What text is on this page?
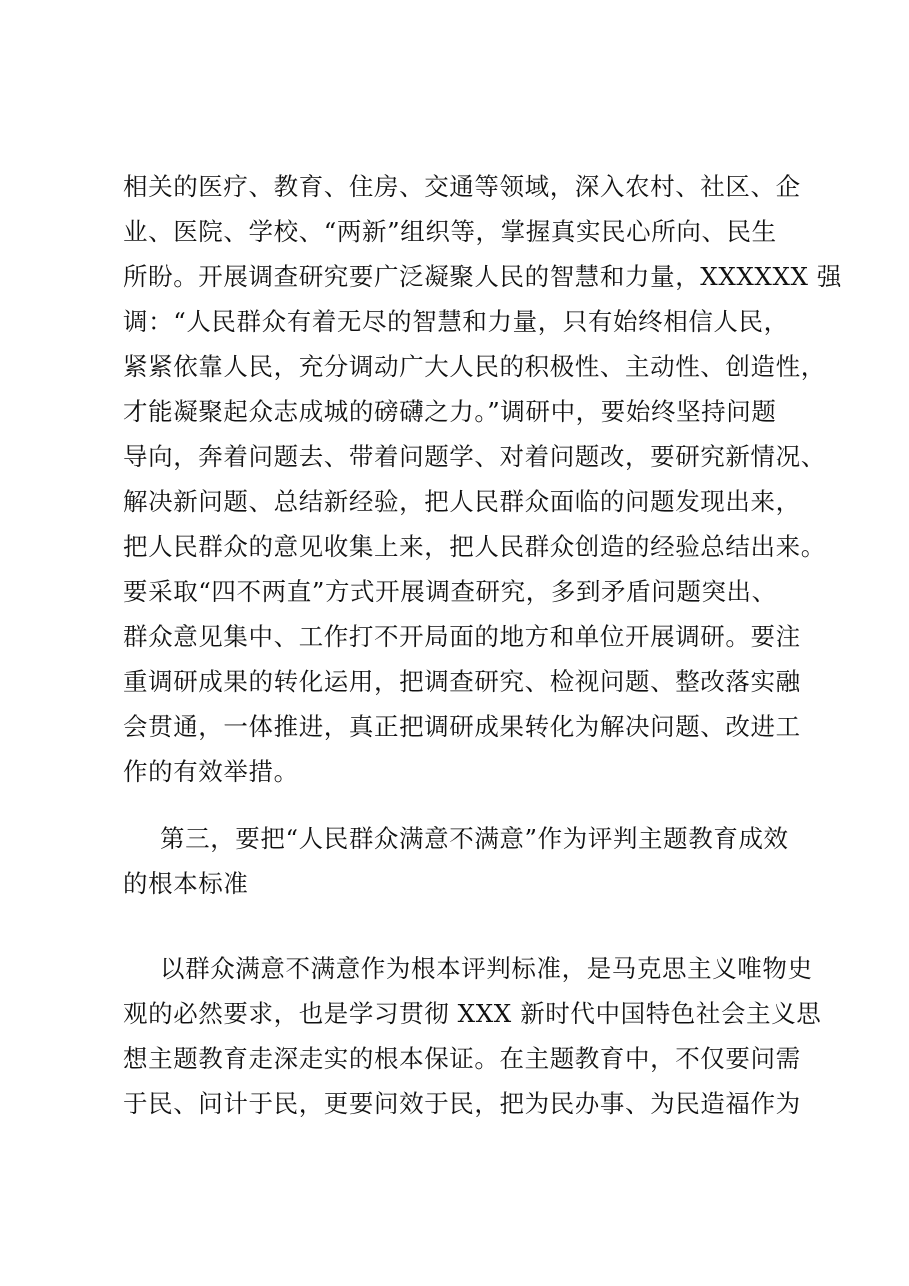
相关的医疗、教育、住房、交通等领域，深入农村、社区、企
业、医院、学校、“两新”组织等，掌握真实民心所向、民生
所盼。开展调查研究要广泛凝聚人民的智慧和力量，XXXXXX 强
调：“人民群众有着无尽的智慧和力量，只有始终相信人民，
紧紧依靠人民，充分调动广大人民的积极性、主动性、创造性，
才能凝聚起众志成城的磅礴之力。”调研中，要始终坚持问题
导向，奔着问题去、带着问题学、对着问题改，要研究新情况、
解决新问题、总结新经验，把人民群众面临的问题发现出来，
把人民群众的意见收集上来，把人民群众创造的经验总结出来。
要采取“四不两直”方式开展调查研究，多到矛盾问题突出、
群众意见集中、工作打不开局面的地方和单位开展调研。要注
重调研成果的转化运用，把调查研究、检视问题、整改落实融
会贯通，一体推进，真正把调研成果转化为解决问题、改进工
作的有效举措。
第三，要把“人民群众满意不满意”作为评判主题教育成效
的根本标准
以群众满意不满意作为根本评判标准，是马克思主义唯物史
观的必然要求，也是学习贯彻 XXX 新时代中国特色社会主义思
想主题教育走深走实的根本保证。在主题教育中，不仅要问需
于民、问计于民，更要问效于民，把为民办事、为民造福作为
